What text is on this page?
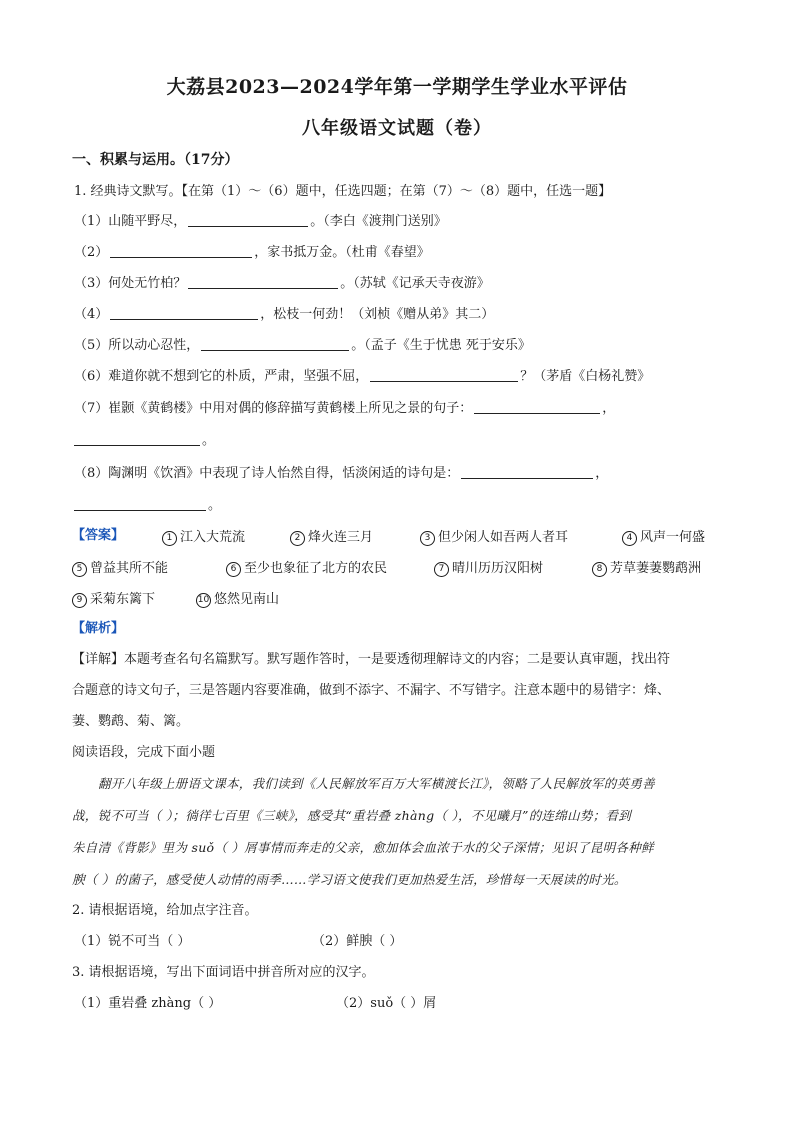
大荔县2023—2024学年第一学期学生学业水平评估
八年级语文试题（卷）
一、积累与运用。（17分）
1. 经典诗文默写。【在第（1）～（6）题中，任选四题；在第（7）～（8）题中，任选一题】
（1）山随平野尽，	。（李白《渡荆门送别》
（2）	，家书抵万金。（杜甫《春望》
（3）何处无竹柏？	。（苏轼《记承天寺夜游》
（4）	，松枝一何劲！（刘桢《赠从弟》其二）
（5）所以动心忍性，	。（孟子《生于忧患 死于安乐》
（6）难道你就不想到它的朴质，严肃，坚强不屈，	？（茅盾《白杨礼赞》
（7）崔颢《黄鹤楼》中用对偶的修辞描写黄鹤楼上所见之景的句子：	，
。
（8）陶渊明《饮酒》中表现了诗人怡然自得，恬淡闲适的诗句是：	，
。
【答案】	1 江入大荒流	2 烽火连三月	3 但少闲人如吾两人者耳	4 风声一何盛
5 曾益其所不能	6 至少也象征了北方的农民	7 晴川历历汉阳树	8 芳草萋萋鹦鹉洲
9 采菊东篱下	10 悠然见南山
【解析】
【详解】本题考查名句名篇默写。默写题作答时，一是要透彻理解诗文的内容；二是要认真审题，找出符
合题意的诗文句子，三是答题内容要准确，做到不添字、不漏字、不写错字。注意本题中的易错字：烽、
萋、鹦鹉、菊、篱。
阅读语段，完成下面小题
翻开八年级上册语文课本，我们读到《人民解放军百万大军横渡长江》，领略了人民解放军的英勇善
战，锐不可当（ ）；徜徉七百里《三峡》，感受其“重岩叠 zhàng（ ），不见曦月”的连绵山势；看到
朱自清《背影》里为 suǒ（ ）屑事情而奔走的父亲，愈加体会血浓于水的父子深情；见识了昆明各种鲜
腴（ ）的菌子，感受使人动情的雨季……学习语文使我们更加热爱生活，珍惜每一天展读的时光。
2. 请根据语境，给加点字注音。
（1）锐不可当（ ）	（2）鲜腴（ ）
3. 请根据语境，写出下面词语中拼音所对应的汉字。
（1）重岩叠 zhàng（ ）	（2）suǒ（ ）屑
